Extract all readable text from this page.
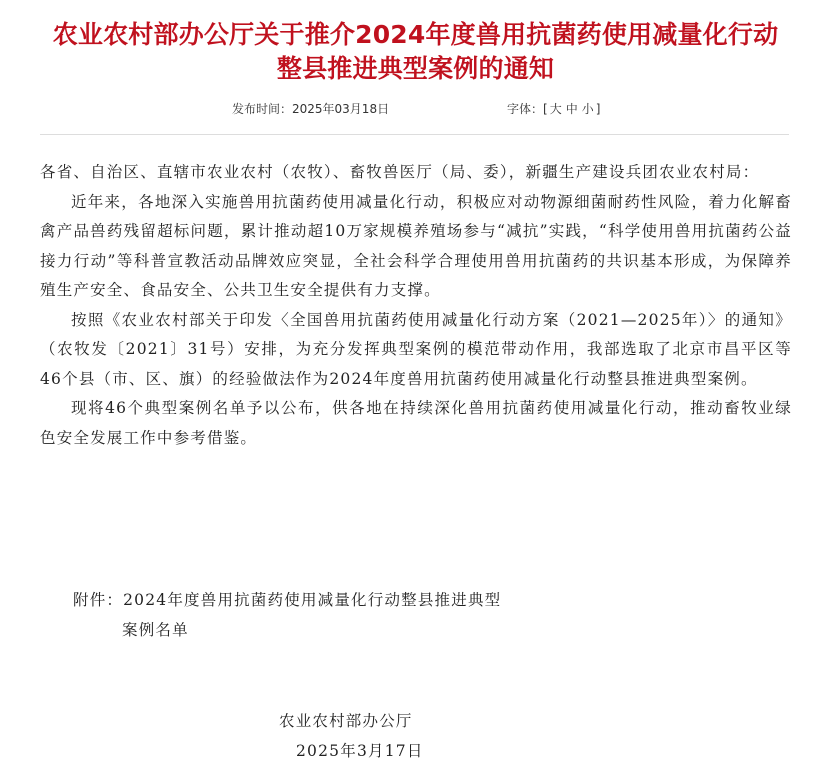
农业农村部办公厅关于推介2024年度兽用抗菌药使用减量化行动
整县推进典型案例的通知
发布时间：2025年03月18日	字体：[ 大 中 小 ]

各省、自治区、直辖市农业农村（农牧）、畜牧兽医厅（局、委），新疆生产建设兵团农业农村局：

近年来，各地深入实施兽用抗菌药使用减量化行动，积极应对动物源细菌耐药性风险，着力化解畜禽产品兽药残留超标问题，累计推动超10万家规模养殖场参与“减抗”实践，“科学使用兽用抗菌药公益接力行动”等科普宣教活动品牌效应突显，全社会科学合理使用兽用抗菌药的共识基本形成，为保障养殖生产安全、食品安全、公共卫生安全提供有力支撑。

按照《农业农村部关于印发〈全国兽用抗菌药使用减量化行动方案（2021—2025年）〉的通知》（农牧发〔2021〕31号）安排，为充分发挥典型案例的模范带动作用，我部选取了北京市昌平区等46个县（市、区、旗）的经验做法作为2024年度兽用抗菌药使用减量化行动整县推进典型案例。

现将46个典型案例名单予以公布，供各地在持续深化兽用抗菌药使用减量化行动，推动畜牧业绿色安全发展工作中参考借鉴。

附件：2024年度兽用抗菌药使用减量化行动整县推进典型
案例名单
农业农村部办公厅
2025年3月17日
